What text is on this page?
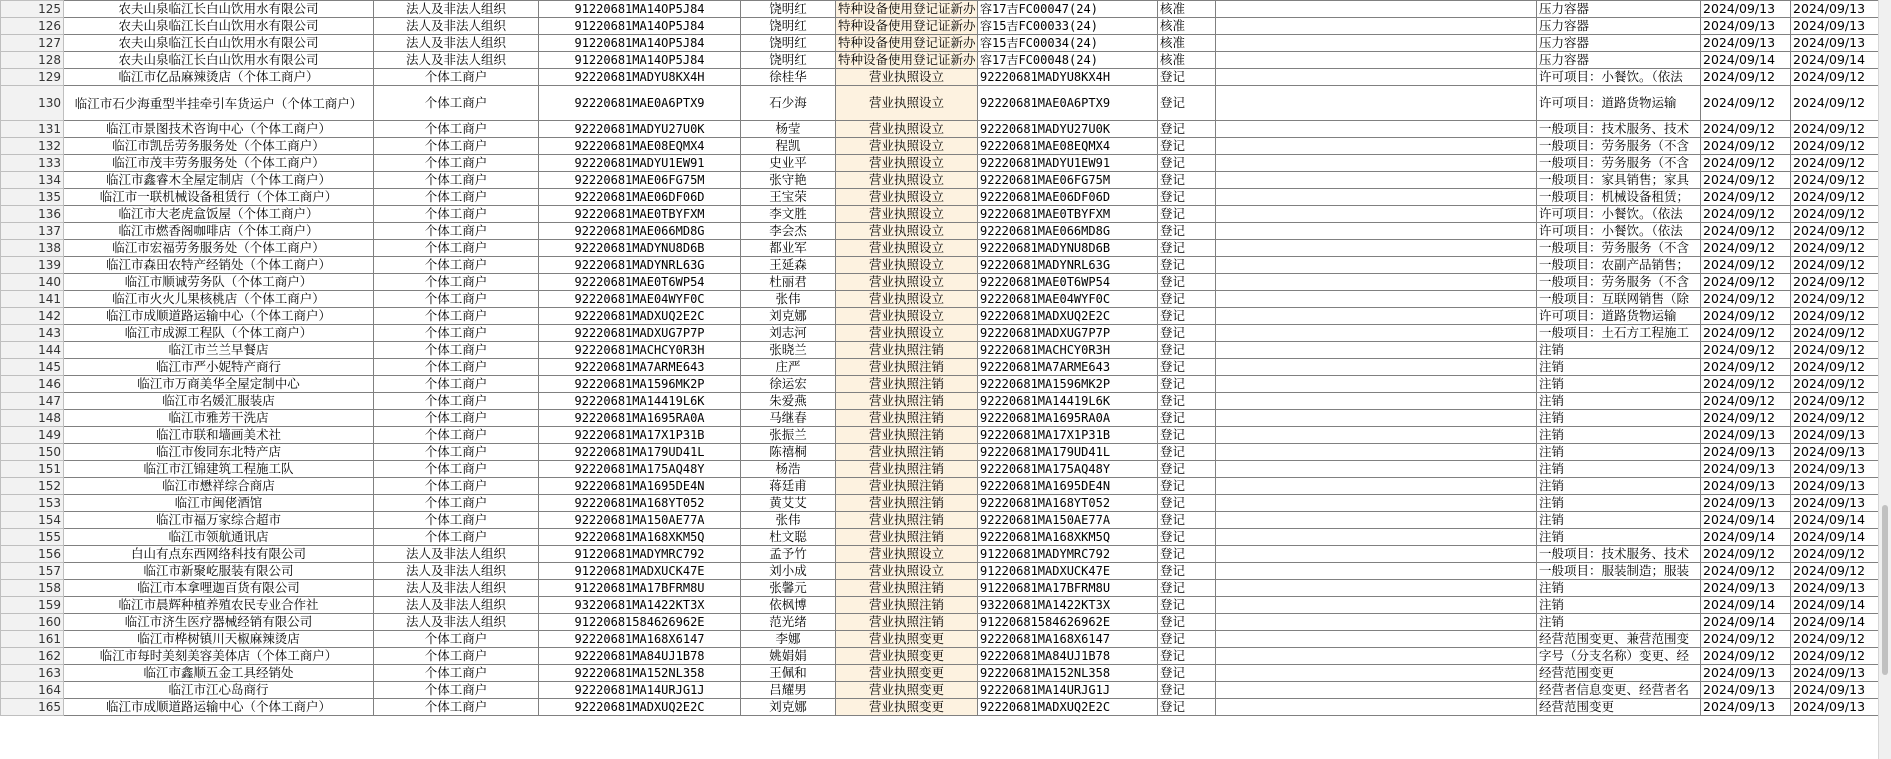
125	农夫山泉临江长白山饮用水有限公司	法人及非法人组织	91220681MA14OP5J84	饶明红	特种设备使用登记证新办	容17吉FC00047(24)	核准		压力容器	2024/09/13	2024/09/13
126	农夫山泉临江长白山饮用水有限公司	法人及非法人组织	91220681MA14OP5J84	饶明红	特种设备使用登记证新办	容15吉FC00033(24)	核准		压力容器	2024/09/13	2024/09/13
127	农夫山泉临江长白山饮用水有限公司	法人及非法人组织	91220681MA14OP5J84	饶明红	特种设备使用登记证新办	容15吉FC00034(24)	核准		压力容器	2024/09/13	2024/09/13
128	农夫山泉临江长白山饮用水有限公司	法人及非法人组织	91220681MA14OP5J84	饶明红	特种设备使用登记证新办	容17吉FC00048(24)	核准		压力容器	2024/09/14	2024/09/14
129	临江市亿品麻辣烫店（个体工商户）	个体工商户	92220681MADYU8KX4H	徐桂华	营业执照设立	92220681MADYU8KX4H	登记		许可项目：小餐饮。（依法	2024/09/12	2024/09/12
130	临江市石少海重型半挂牵引车货运户（个体工商户）	个体工商户	92220681MAE0A6PTX9	石少海	营业执照设立	92220681MAE0A6PTX9	登记		许可项目：道路货物运输	2024/09/12	2024/09/12
131	临江市景图技术咨询中心（个体工商户）	个体工商户	92220681MADYU27U0K	杨莹	营业执照设立	92220681MADYU27U0K	登记		一般项目：技术服务、技术	2024/09/12	2024/09/12
132	临江市凯岳劳务服务处（个体工商户）	个体工商户	92220681MAE08EQMX4	程凯	营业执照设立	92220681MAE08EQMX4	登记		一般项目：劳务服务（不含	2024/09/12	2024/09/12
133	临江市茂丰劳务服务处（个体工商户）	个体工商户	92220681MADYU1EW91	史业平	营业执照设立	92220681MADYU1EW91	登记		一般项目：劳务服务（不含	2024/09/12	2024/09/12
134	临江市鑫睿木全屋定制店（个体工商户）	个体工商户	92220681MAE06FG75M	张守艳	营业执照设立	92220681MAE06FG75M	登记		一般项目：家具销售；家具	2024/09/12	2024/09/12
135	临江市一联机械设备租赁行（个体工商户）	个体工商户	92220681MAE06DF06D	王宝荣	营业执照设立	92220681MAE06DF06D	登记		一般项目：机械设备租赁；	2024/09/12	2024/09/12
136	临江市大老虎盒饭屋（个体工商户）	个体工商户	92220681MAE0TBYFXM	李文胜	营业执照设立	92220681MAE0TBYFXM	登记		许可项目：小餐饮。（依法	2024/09/12	2024/09/12
137	临江市燃香阁咖啡店（个体工商户）	个体工商户	92220681MAE066MD8G	李会杰	营业执照设立	92220681MAE066MD8G	登记		许可项目：小餐饮。（依法	2024/09/12	2024/09/12
138	临江市宏福劳务服务处（个体工商户）	个体工商户	92220681MADYNU8D6B	都业军	营业执照设立	92220681MADYNU8D6B	登记		一般项目：劳务服务（不含	2024/09/12	2024/09/12
139	临江市森田农特产经销处（个体工商户）	个体工商户	92220681MADYNRL63G	王延森	营业执照设立	92220681MADYNRL63G	登记		一般项目：农副产品销售；	2024/09/12	2024/09/12
140	临江市顺诚劳务队（个体工商户）	个体工商户	92220681MAE0T6WP54	杜丽君	营业执照设立	92220681MAE0T6WP54	登记		一般项目：劳务服务（不含	2024/09/12	2024/09/12
141	临江市火火儿果核桃店（个体工商户）	个体工商户	92220681MAE04WYF0C	张伟	营业执照设立	92220681MAE04WYF0C	登记		一般项目：互联网销售（除	2024/09/12	2024/09/12
142	临江市成顺道路运输中心（个体工商户）	个体工商户	92220681MADXUQ2E2C	刘克娜	营业执照设立	92220681MADXUQ2E2C	登记		许可项目：道路货物运输	2024/09/12	2024/09/12
143	临江市成源工程队（个体工商户）	个体工商户	92220681MADXUG7P7P	刘志河	营业执照设立	92220681MADXUG7P7P	登记		一般项目：土石方工程施工	2024/09/12	2024/09/12
144	临江市兰兰早餐店	个体工商户	92220681MACHCY0R3H	张晓兰	营业执照注销	92220681MACHCY0R3H	登记		注销	2024/09/12	2024/09/12
145	临江市严小妮特产商行	个体工商户	92220681MA7ARME643	庄严	营业执照注销	92220681MA7ARME643	登记		注销	2024/09/12	2024/09/12
146	临江市万商美华全屋定制中心	个体工商户	92220681MA1596MK2P	徐运宏	营业执照注销	92220681MA1596MK2P	登记		注销	2024/09/12	2024/09/12
147	临江市名媛汇服装店	个体工商户	92220681MA14419L6K	朱爱燕	营业执照注销	92220681MA14419L6K	登记		注销	2024/09/12	2024/09/12
148	临江市雅芳干洗店	个体工商户	92220681MA1695RA0A	马继春	营业执照注销	92220681MA1695RA0A	登记		注销	2024/09/12	2024/09/12
149	临江市联和墙画美术社	个体工商户	92220681MA17X1P31B	张振兰	营业执照注销	92220681MA17X1P31B	登记		注销	2024/09/13	2024/09/13
150	临江市俊同东北特产店	个体工商户	92220681MA179UD41L	陈禧桐	营业执照注销	92220681MA179UD41L	登记		注销	2024/09/13	2024/09/13
151	临江市江锦建筑工程施工队	个体工商户	92220681MA175AQ48Y	杨浩	营业执照注销	92220681MA175AQ48Y	登记		注销	2024/09/13	2024/09/13
152	临江市懋祥综合商店	个体工商户	92220681MA1695DE4N	蒋廷甫	营业执照注销	92220681MA1695DE4N	登记		注销	2024/09/13	2024/09/13
153	临江市闽佬酒馆	个体工商户	92220681MA168YT052	黄艾艾	营业执照注销	92220681MA168YT052	登记		注销	2024/09/13	2024/09/13
154	临江市福万家综合超市	个体工商户	92220681MA150AE77A	张伟	营业执照注销	92220681MA150AE77A	登记		注销	2024/09/14	2024/09/14
155	临江市领航通讯店	个体工商户	92220681MA168XKM5Q	杜文聪	营业执照注销	92220681MA168XKM5Q	登记		注销	2024/09/14	2024/09/14
156	白山有点东西网络科技有限公司	法人及非法人组织	91220681MADYMRC792	孟予竹	营业执照设立	91220681MADYMRC792	登记		一般项目：技术服务、技术	2024/09/12	2024/09/12
157	临江市新聚屹服装有限公司	法人及非法人组织	91220681MADXUCK47E	刘小成	营业执照设立	91220681MADXUCK47E	登记		一般项目：服装制造；服装	2024/09/12	2024/09/12
158	临江市本拿哩迦百货有限公司	法人及非法人组织	91220681MA17BFRM8U	张馨元	营业执照注销	91220681MA17BFRM8U	登记		注销	2024/09/13	2024/09/13
159	临江市晨辉种植养殖农民专业合作社	法人及非法人组织	93220681MA1422KT3X	依枫博	营业执照注销	93220681MA1422KT3X	登记		注销	2024/09/14	2024/09/14
160	临江市济生医疗器械经销有限公司	法人及非法人组织	91220681584626962E	范光绪	营业执照注销	91220681584626962E	登记		注销	2024/09/14	2024/09/14
161	临江市桦树镇川天椒麻辣烫店	个体工商户	92220681MA168X6147	李娜	营业执照变更	92220681MA168X6147	登记		经营范围变更、兼营范围变	2024/09/12	2024/09/12
162	临江市每时美刻美容美体店（个体工商户）	个体工商户	92220681MA84UJ1B78	姚娟娟	营业执照变更	92220681MA84UJ1B78	登记		字号（分支名称）变更、经	2024/09/12	2024/09/12
163	临江市鑫顺五金工具经销处	个体工商户	92220681MA152NL358	王佩和	营业执照变更	92220681MA152NL358	登记		经营范围变更	2024/09/13	2024/09/13
164	临江市江心岛商行	个体工商户	92220681MA14URJG1J	吕耀男	营业执照变更	92220681MA14URJG1J	登记		经营者信息变更、经营者名	2024/09/13	2024/09/13
165	临江市成顺道路运输中心（个体工商户）	个体工商户	92220681MADXUQ2E2C	刘克娜	营业执照变更	92220681MADXUQ2E2C	登记		经营范围变更	2024/09/13	2024/09/13
